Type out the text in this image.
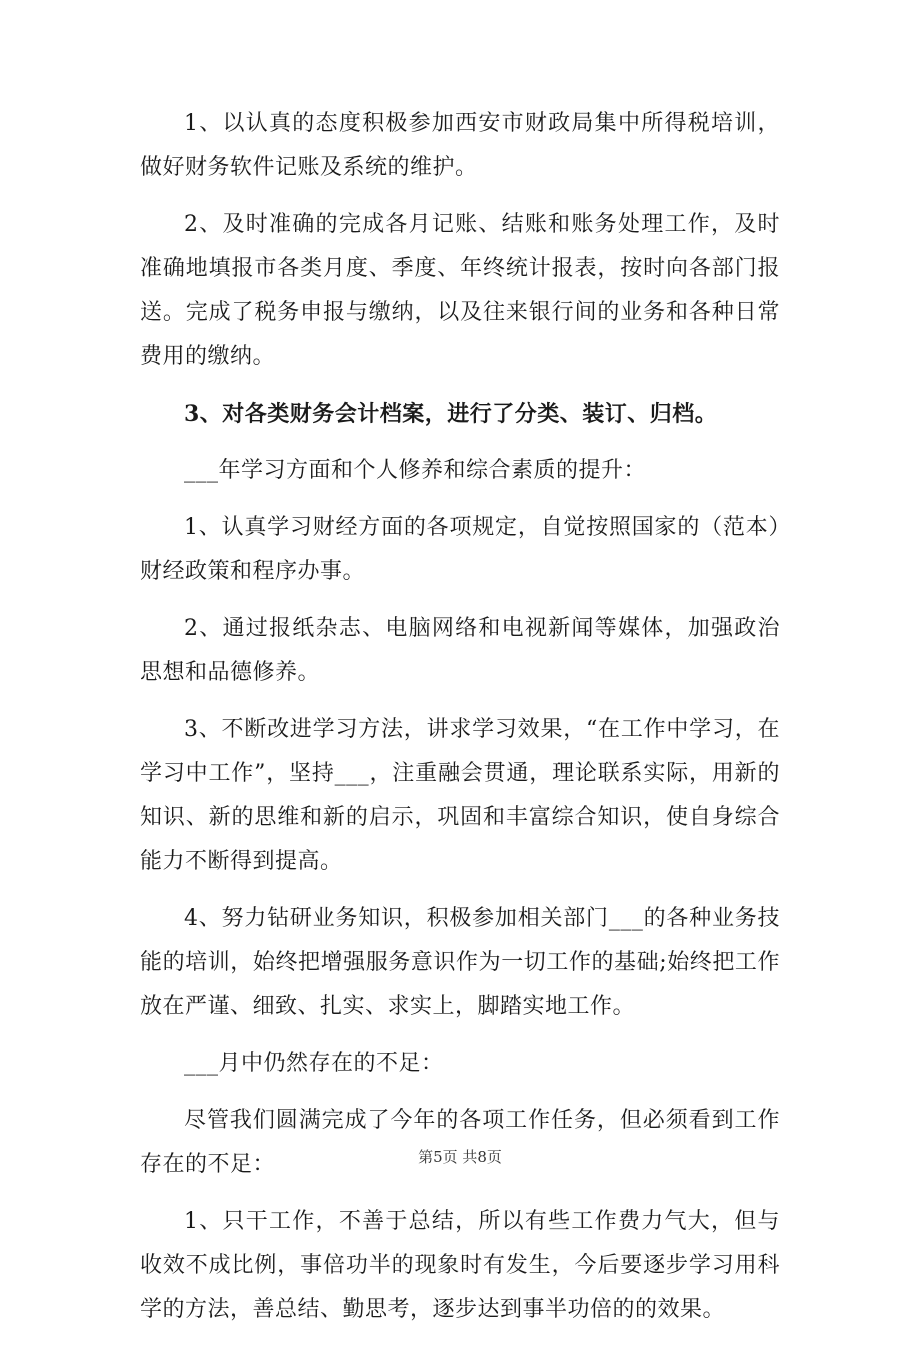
1、以认真的态度积极参加西安市财政局集中所得税培训，做好财务软件记账及系统的维护。

2、及时准确的完成各月记账、结账和账务处理工作，及时准确地填报市各类月度、季度、年终统计报表，按时向各部门报送。完成了税务申报与缴纳，以及往来银行间的业务和各种日常费用的缴纳。

3、对各类财务会计档案，进行了分类、装订、归档。

___年学习方面和个人修养和综合素质的提升：

1、认真学习财经方面的各项规定，自觉按照国家的（范本）财经政策和程序办事。

2、通过报纸杂志、电脑网络和电视新闻等媒体，加强政治思想和品德修养。

3、不断改进学习方法，讲求学习效果，“在工作中学习，在学习中工作”，坚持___，注重融会贯通，理论联系实际，用新的知识、新的思维和新的启示，巩固和丰富综合知识，使自身综合能力不断得到提高。

4、努力钻研业务知识，积极参加相关部门___的各种业务技能的培训，始终把增强服务意识作为一切工作的基础;始终把工作放在严谨、细致、扎实、求实上，脚踏实地工作。

___月中仍然存在的不足：

尽管我们圆满完成了今年的各项工作任务，但必须看到工作存在的不足：

1、只干工作，不善于总结，所以有些工作费力气大，但与收效不成比例，事倍功半的现象时有发生，今后要逐步学习用科学的方法，善总结、勤思考，逐步达到事半功倍的的效果。

第5页 共8页
